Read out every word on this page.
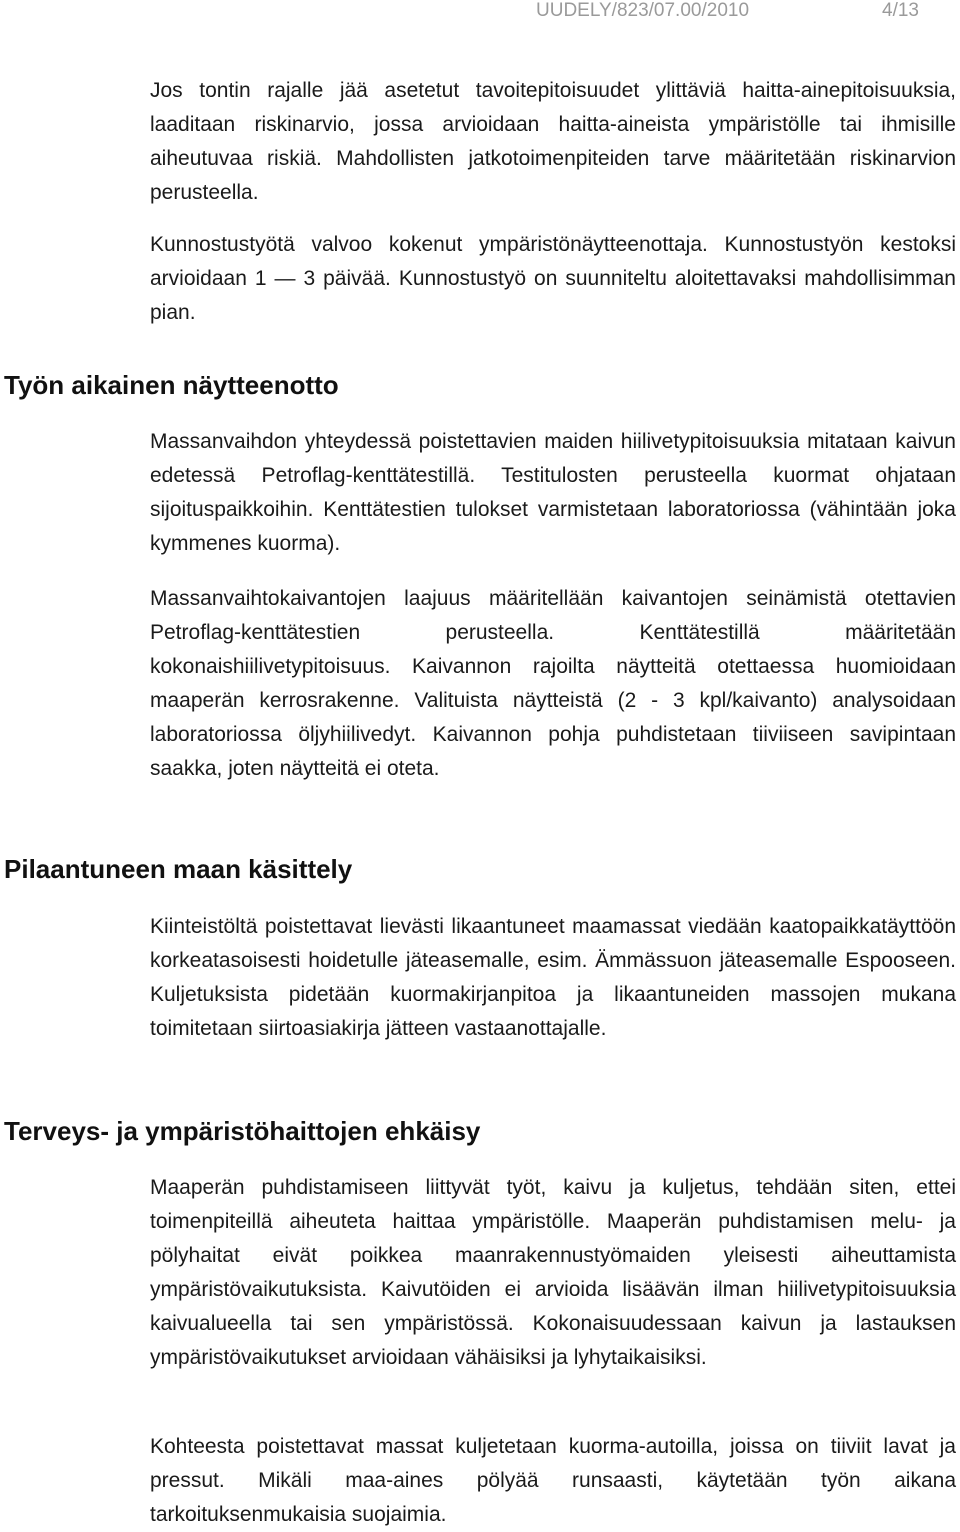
UUDELY/823/07.00/2010	4/13

Jos tontin rajalle jää asetetut tavoitepitoisuudet ylittäviä haitta-ainepitoisuuksia, laaditaan riskinarvio, jossa arvioidaan haitta-aineista ympäristölle tai ihmisille aiheutuvaa riskiä. Mahdollisten jatkotoimenpiteiden tarve määritetään riskinarvion perusteella.

Kunnostustyötä valvoo kokenut ympäristönäytteenottaja. Kunnostustyön kestoksi arvioidaan 1 — 3 päivää. Kunnostustyö on suunniteltu aloitettavaksi mahdollisimman pian.

Työn aikainen näytteenotto

Massanvaihdon yhteydessä poistettavien maiden hiilivetypitoisuuksia mitataan kaivun edetessä Petroflag-kenttätestillä. Testitulosten perusteella kuormat ohjataan sijoituspaikkoihin. Kenttätestien tulokset varmistetaan laboratoriossa (vähintään joka kymmenes kuorma).

Massanvaihtokaivantojen laajuus määritellään kaivantojen seinämistä otettavien Petroflag-kenttätestien perusteella. Kenttätestillä määritetään kokonaishiilivetypitoisuus. Kaivannon rajoilta näytteitä otettaessa huomioidaan maaperän kerrosrakenne. Valituista näytteistä (2 - 3 kpl/kaivanto) analysoidaan laboratoriossa öljyhiilivedyt. Kaivannon pohja puhdistetaan tiiviiseen savipintaan saakka, joten näytteitä ei oteta.

Pilaantuneen maan käsittely

Kiinteistöltä poistettavat lievästi likaantuneet maamassat viedään kaatopaikkatäyttöön korkeatasoisesti hoidetulle jäteasemalle, esim. Ämmässuon jäteasemalle Espooseen. Kuljetuksista pidetään kuormakirjanpitoa ja likaantuneiden massojen mukana toimitetaan siirtoasiakirja jätteen vastaanottajalle.

Terveys- ja ympäristöhaittojen ehkäisy

Maaperän puhdistamiseen liittyvät työt, kaivu ja kuljetus, tehdään siten, ettei toimenpiteillä aiheuteta haittaa ympäristölle. Maaperän puhdistamisen melu- ja pölyhaitat eivät poikkea maanrakennustyömaiden yleisesti aiheuttamista ympäristövaikutuksista. Kaivutöiden ei arvioida lisäävän ilman hiilivetypitoisuuksia kaivualueella tai sen ympäristössä. Kokonaisuudessaan kaivun ja lastauksen ympäristövaikutukset arvioidaan vähäisiksi ja lyhytaikaisiksi.

Kohteesta poistettavat massat kuljetetaan kuorma-autoilla, joissa on tiiviit lavat ja pressut. Mikäli maa-aines pölyää runsaasti, käytetään työn aikana tarkoituksenmukaisia suojaimia.
